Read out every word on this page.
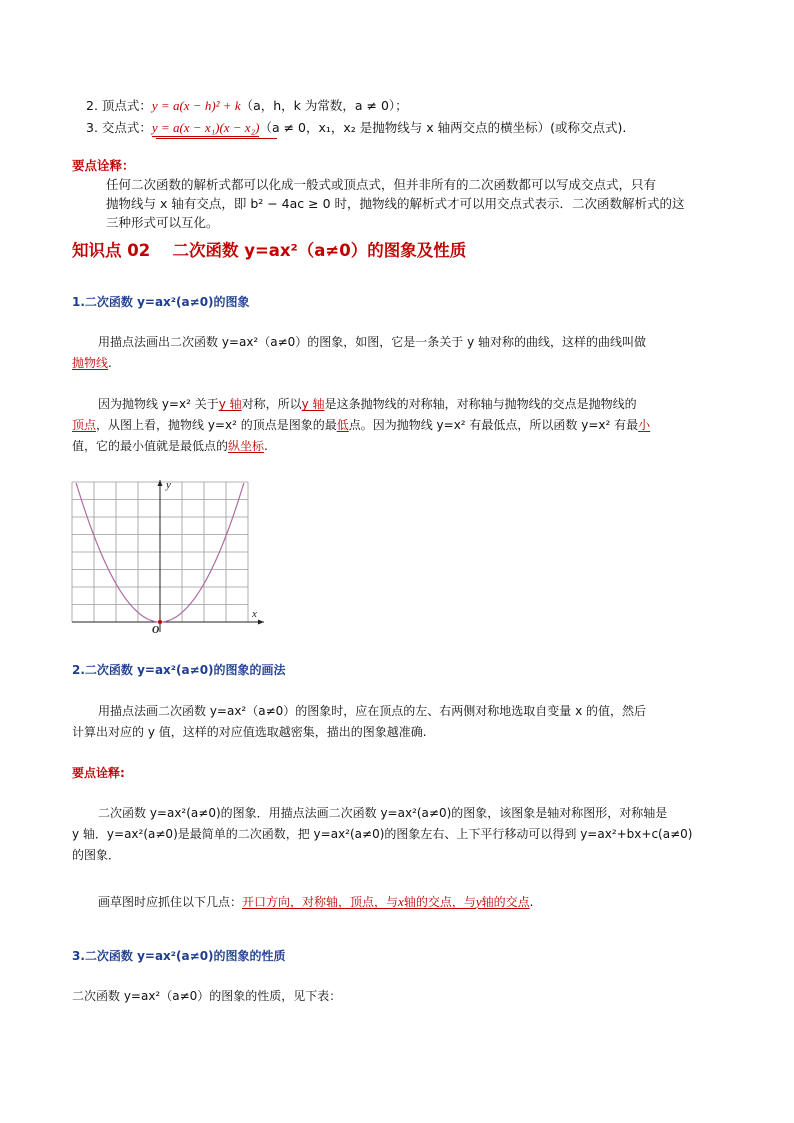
2. 顶点式：y = a(x − h)² + k（a，h，k 为常数，a ≠ 0）；
3. 交点式：y = a(x − x₁)(x − x₂)（a ≠ 0，x₁，x₂ 是抛物线与 x 轴两交点的横坐标）(或称交点式).
要点诠释：
任何二次函数的解析式都可以化成一般式或顶点式，但并非所有的二次函数都可以写成交点式，只有
抛物线与 x 轴有交点，即 b² − 4ac ≥ 0 时，抛物线的解析式才可以用交点式表示．二次函数解析式的这
三种形式可以互化。
知识点 02　 二次函数 y=ax²（a≠0）的图象及性质
1.二次函数 y=ax²(a≠0)的图象
用描点法画出二次函数 y=ax²（a≠0）的图象，如图，它是一条关于 y 轴对称的曲线，这样的曲线叫做
抛物线.
因为抛物线 y=x² 关于y 轴对称，所以y 轴是这条抛物线的对称轴，对称轴与抛物线的交点是抛物线的
顶点，从图上看，抛物线 y=x² 的顶点是图象的最低点。因为抛物线 y=x² 有最低点，所以函数 y=x² 有最小
值，它的最小值就是最低点的纵坐标.
y
x
O
2.二次函数 y=ax²(a≠0)的图象的画法
用描点法画二次函数 y=ax²（a≠0）的图象时，应在顶点的左、右两侧对称地选取自变量 x 的值，然后
计算出对应的 y 值，这样的对应值选取越密集，描出的图象越准确.
要点诠释:
二次函数 y=ax²(a≠0)的图象．用描点法画二次函数 y=ax²(a≠0)的图象，该图象是轴对称图形，对称轴是
y 轴．y=ax²(a≠0)是最简单的二次函数，把 y=ax²(a≠0)的图象左右、上下平行移动可以得到 y=ax²+bx+c(a≠0)
的图象．
画草图时应抓住以下几点：开口方向，对称轴，顶点，与x轴的交点，与y轴的交点.
3.二次函数 y=ax²(a≠0)的图象的性质
二次函数 y=ax²（a≠0）的图象的性质，见下表：
